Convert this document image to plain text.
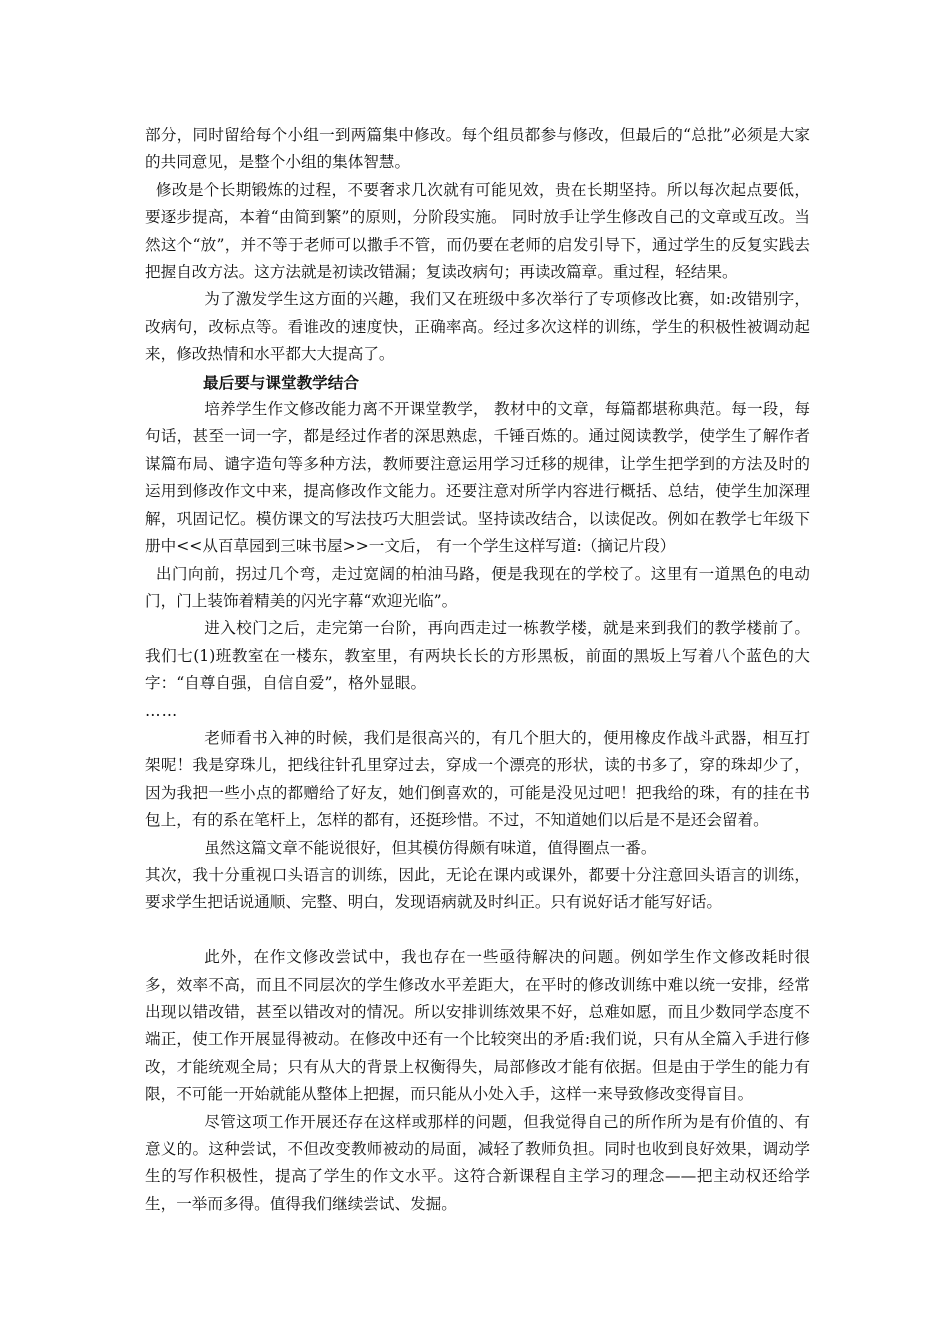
部分，同时留给每个小组一到两篇集中修改。每个组员都参与修改，但最后的“总批”必须是大家的共同意见，是整个小组的集体智慧。

修改是个长期锻炼的过程，不要奢求几次就有可能见效，贵在长期坚持。所以每次起点要低，要逐步提高，本着“由简到繁”的原则，分阶段实施。 同时放手让学生修改自己的文章或互改。当然这个“放”，并不等于老师可以撒手不管，而仍要在老师的启发引导下，通过学生的反复实践去把握自改方法。这方法就是初读改错漏；复读改病句；再读改篇章。重过程，轻结果。

为了激发学生这方面的兴趣，我们又在班级中多次举行了专项修改比赛，如:改错别字，改病句，改标点等。看谁改的速度快，正确率高。经过多次这样的训练，学生的积极性被调动起来，修改热情和水平都大大提高了。

最后要与课堂教学结合

培养学生作文修改能力离不开课堂教学， 教材中的文章，每篇都堪称典范。每一段，每句话，甚至一词一字，都是经过作者的深思熟虑，千锤百炼的。通过阅读教学，使学生了解作者谋篇布局、谴字造句等多种方法，教师要注意运用学习迁移的规律，让学生把学到的方法及时的运用到修改作文中来，提高修改作文能力。还要注意对所学内容进行概括、总结，使学生加深理解，巩固记忆。模仿课文的写法技巧大胆尝试。坚持读改结合，以读促改。例如在教学七年级下册中<<从百草园到三味书屋>>一文后， 有一个学生这样写道:（摘记片段）

出门向前，拐过几个弯，走过宽阔的柏油马路，便是我现在的学校了。这里有一道黑色的电动门，门上装饰着精美的闪光字幕“欢迎光临”。

进入校门之后，走完第一台阶，再向西走过一栋教学楼，就是来到我们的教学楼前了。我们七(1)班教室在一楼东，教室里，有两块长长的方形黑板，前面的黑坂上写着八个蓝色的大字：“自尊自强，自信自爱”，格外显眼。

……

老师看书入神的时候，我们是很高兴的，有几个胆大的，便用橡皮作战斗武器，相互打架呢！我是穿珠儿，把线往针孔里穿过去，穿成一个漂亮的形状，读的书多了，穿的珠却少了，因为我把一些小点的都赠给了好友，她们倒喜欢的，可能是没见过吧！把我给的珠，有的挂在书包上，有的系在笔杆上，怎样的都有，还挺珍惜。不过，不知道她们以后是不是还会留着。

虽然这篇文章不能说很好，但其模仿得颇有味道，值得圈点一番。

其次，我十分重视口头语言的训练，因此，无论在课内或课外，都要十分注意回头语言的训练，要求学生把话说通顺、完整、明白，发现语病就及时纠正。只有说好话才能写好话。

此外，在作文修改尝试中，我也存在一些亟待解决的问题。例如学生作文修改耗时很多，效率不高，而且不同层次的学生修改水平差距大，在平时的修改训练中难以统一安排，经常出现以错改错，甚至以错改对的情况。所以安排训练效果不好，总难如愿，而且少数同学态度不端正，使工作开展显得被动。在修改中还有一个比较突出的矛盾:我们说，只有从全篇入手进行修改，才能统观全局；只有从大的背景上权衡得失，局部修改才能有依据。但是由于学生的能力有限，不可能一开始就能从整体上把握，而只能从小处入手，这样一来导致修改变得盲目。

尽管这项工作开展还存在这样或那样的问题，但我觉得自己的所作所为是有价值的、有意义的。这种尝试，不但改变教师被动的局面，减轻了教师负担。同时也收到良好效果，调动学生的写作积极性，提高了学生的作文水平。这符合新课程自主学习的理念——把主动权还给学生，一举而多得。值得我们继续尝试、发掘。
